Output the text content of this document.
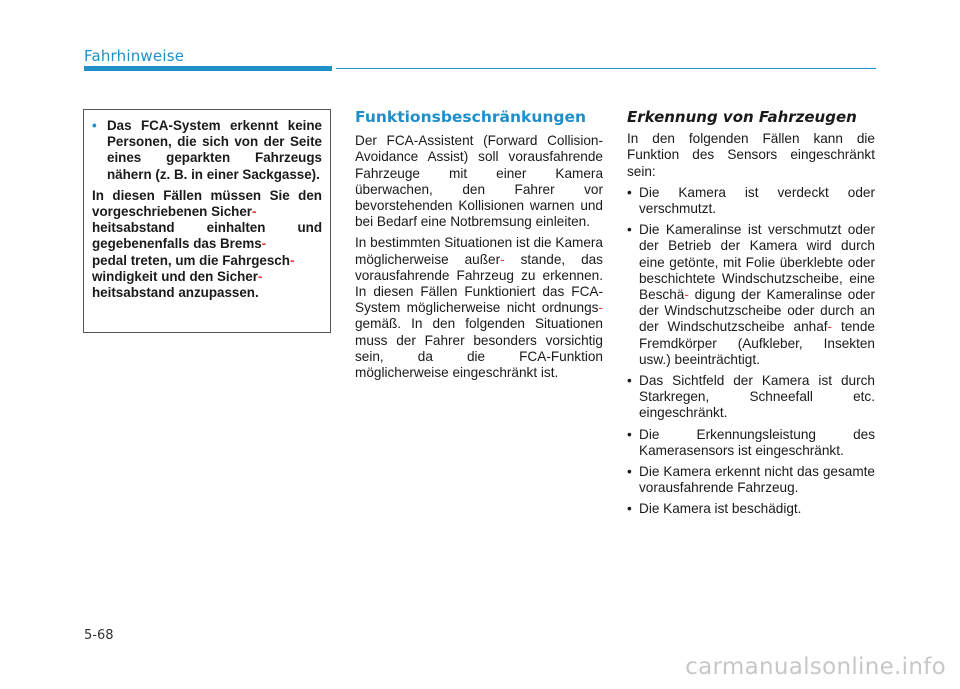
Fahrhinweise
• Das FCA-System erkennt keine Personen, die sich von der Seite eines geparkten Fahrzeugs nähern (z. B. in einer Sackgasse).
In diesen Fällen müssen Sie den vorgeschriebenen Sicher-
heitsabstand einhalten und gegebenenfalls das Brems-
pedal treten, um die Fahrgesch-
windigkeit und den Sicher-
heitsabstand anzupassen.
Funktionsbeschränkungen

Der FCA-Assistent (Forward Collision-Avoidance Assist) soll vorausfahrende Fahrzeuge mit einer Kamera überwachen, den Fahrer vor bevorstehenden Kollisionen warnen und bei Bedarf eine Notbremsung einleiten.

In bestimmten Situationen ist die Kamera möglicherweise außer- stande, das vorausfahrende Fahrzeug zu erkennen. In diesen Fällen Funktioniert das FCA-System möglicherweise nicht ordnungs- gemäß. In den folgenden Situationen muss der Fahrer besonders vorsichtig sein, da die FCA-Funktion möglicherweise eingeschränkt ist.

Erkennung von Fahrzeugen

In den folgenden Fällen kann die Funktion des Sensors eingeschränkt sein:

• Die Kamera ist verdeckt oder verschmutzt.
• Die Kameralinse ist verschmutzt oder der Betrieb der Kamera wird durch eine getönte, mit Folie überklebte oder beschichtete Windschutzscheibe, eine Beschä- digung der Kameralinse oder der Windschutzscheibe oder durch an der Windschutzscheibe anhaf- tende Fremdkörper (Aufkleber, Insekten usw.) beeinträchtigt.
• Das Sichtfeld der Kamera ist durch Starkregen, Schneefall etc. eingeschränkt.
• Die Erkennungsleistung des Kamerasensors ist eingeschränkt.
• Die Kamera erkennt nicht das gesamte vorausfahrende Fahrzeug.
• Die Kamera ist beschädigt.
5-68
carmanualsonline.info
